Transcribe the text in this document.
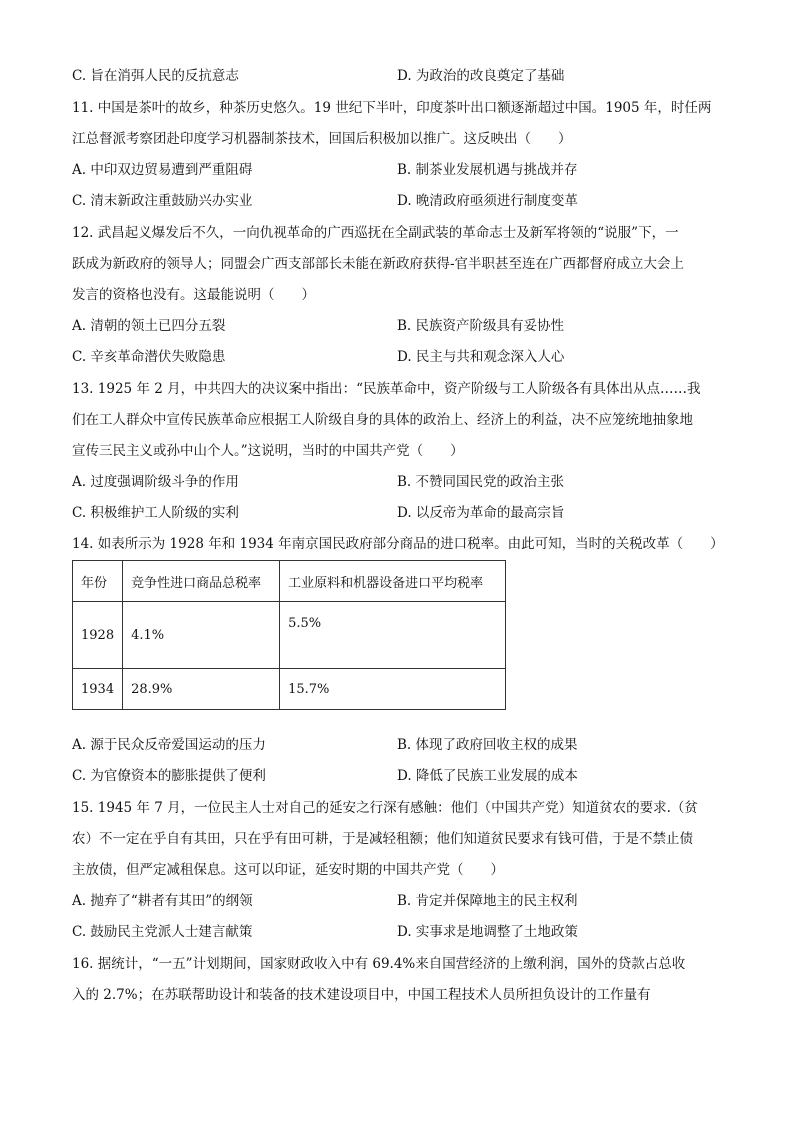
C. 旨在消弭人民的反抗意志	D. 为政治的改良奠定了基础
11. 中国是茶叶的故乡，种茶历史悠久。19 世纪下半叶，印度茶叶出口额逐渐超过中国。1905 年，时任两
江总督派考察团赴印度学习机器制茶技术，回国后积极加以推广。这反映出（　　）
A. 中印双边贸易遭到严重阻碍	B. 制茶业发展机遇与挑战并存
C. 清末新政注重鼓励兴办实业	D. 晚清政府亟须进行制度变革
12. 武昌起义爆发后不久，一向仇视革命的广西巡抚在全副武装的革命志士及新军将领的“说服”下，一
跃成为新政府的领导人；同盟会广西支部部长未能在新政府获得-官半职甚至连在广西都督府成立大会上
发言的资格也没有。这最能说明（　　）
A. 清朝的领土已四分五裂	B. 民族资产阶级具有妥协性
C. 辛亥革命潜伏失败隐患	D. 民主与共和观念深入人心
13. 1925 年 2 月，中共四大的决议案中指出：“民族革命中，资产阶级与工人阶级各有具体出从点……我
们在工人群众中宣传民族革命应根据工人阶级自身的具体的政治上、经济上的利益，决不应笼统地抽象地
宣传三民主义或孙中山个人。”这说明，当时的中国共产党（　　）
A. 过度强调阶级斗争的作用	B. 不赞同国民党的政治主张
C. 积极维护工人阶级的实利	D. 以反帝为革命的最高宗旨
14. 如表所示为 1928 年和 1934 年南京国民政府部分商品的进口税率。由此可知，当时的关税改革（　　）
年份	竞争性进口商品总税率	工业原料和机器设备进口平均税率
1928	4.1%	5.5%
1934	28.9%	15.7%
A. 源于民众反帝爱国运动的压力	B. 体现了政府回收主权的成果
C. 为官僚资本的膨胀提供了便利	D. 降低了民族工业发展的成本
15. 1945 年 7 月，一位民主人士对自己的延安之行深有感触：他们（中国共产党）知道贫农的要求.（贫
农）不一定在乎自有其田，只在乎有田可耕，于是减轻租额；他们知道贫民要求有钱可借，于是不禁止债
主放债，但严定减租保息。这可以印证，延安时期的中国共产党（　　）
A. 抛弃了“耕者有其田”的纲领	B. 肯定并保障地主的民主权利
C. 鼓励民主党派人士建言献策	D. 实事求是地调整了土地政策
16. 据统计，“一五”计划期间，国家财政收入中有 69.4%来自国营经济的上缴利润，国外的贷款占总收
入的 2.7%；在苏联帮助设计和装备的技术建设项目中，中国工程技术人员所担负设计的工作量有
